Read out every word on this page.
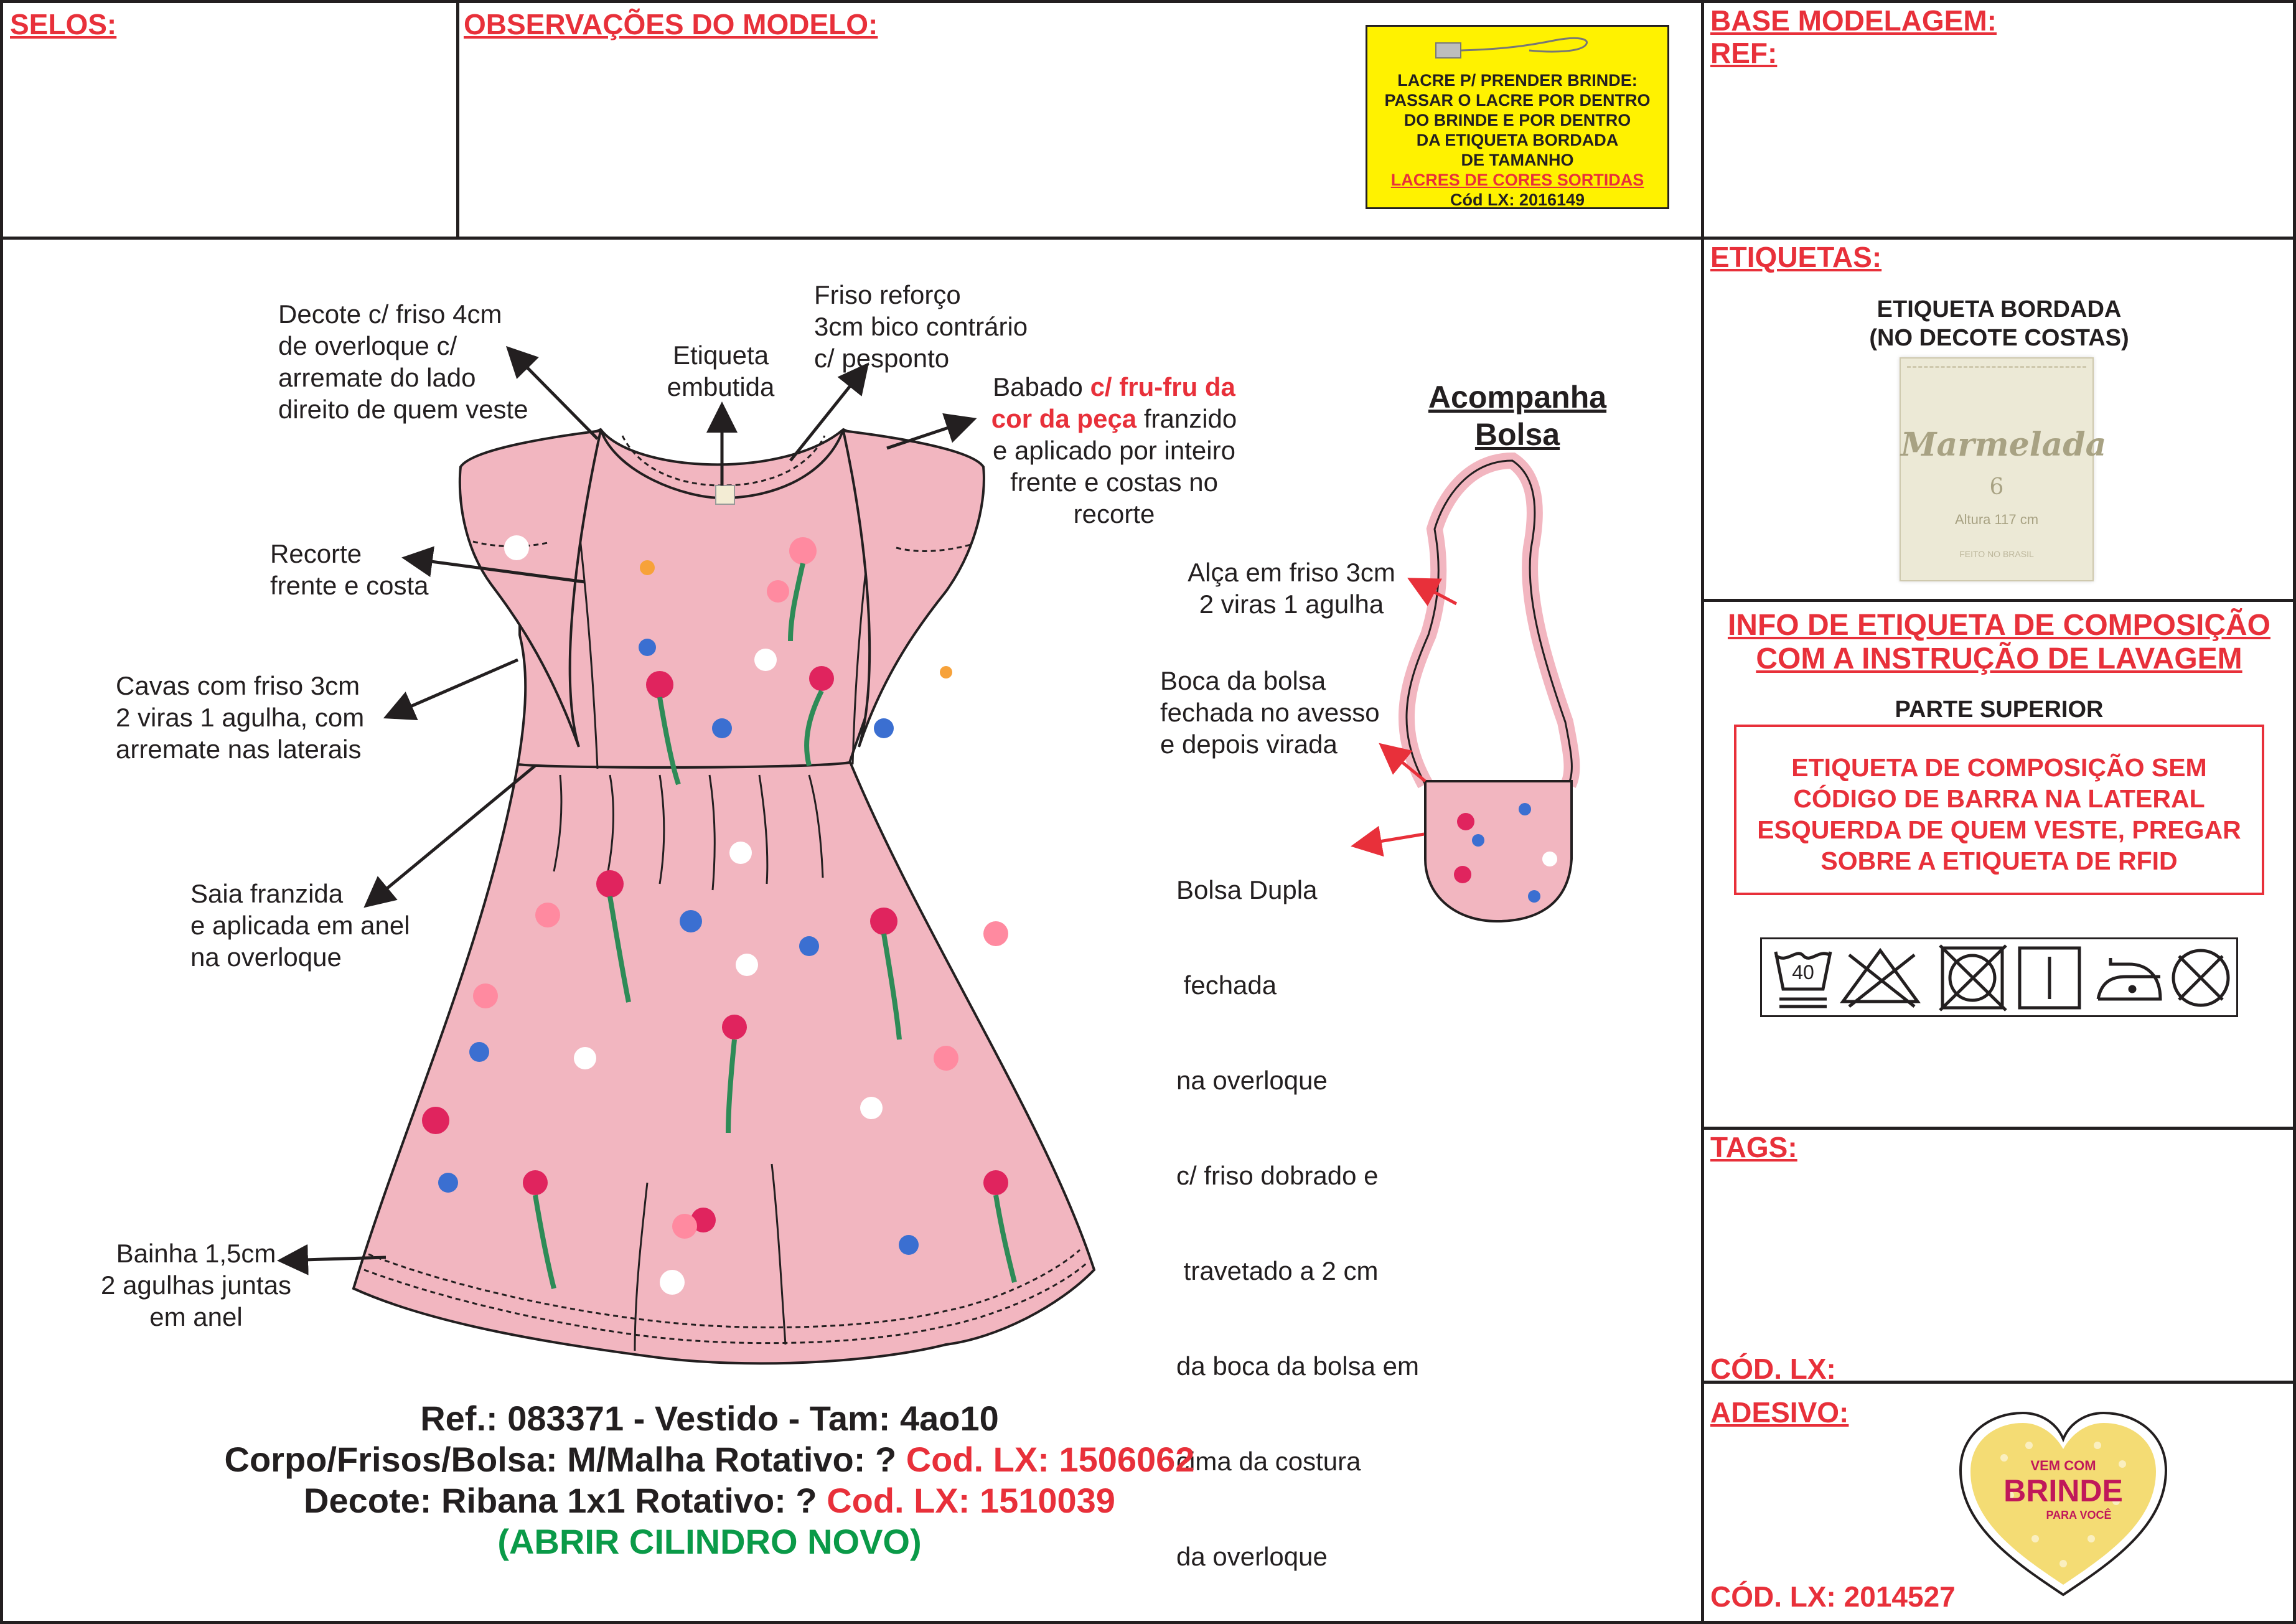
SELOS:	OBSERVAÇÕES DO MODELO:	BASE MODELAGEM:
REF:
LACRE P/ PRENDER BRINDE:
PASSAR O LACRE POR DENTRO
DO BRINDE E POR DENTRO
DA ETIQUETA BORDADA
DE TAMANHO
LACRES DE CORES SORTIDAS
Cód LX: 2016149
Decote c/ friso 4cm
de overloque c/
arremate do lado
direito de quem veste
Etiqueta
embutida
Friso reforço
3cm bico contrário
c/ pesponto
Babado c/ fru-fru da
cor da peça franzido
e aplicado por inteiro
frente e costas no
recorte
Recorte
frente e costa
Cavas com friso 3cm
2 viras 1 agulha, com
arremate nas laterais
Saia franzida
e aplicada em anel
na overloque
Bainha 1,5cm
2 agulhas juntas
em anel
Acompanha
Bolsa
Alça em friso 3cm
2 viras 1 agulha
Boca da bolsa
fechada no avesso
e depois virada

Bolsa Dupla

fechada

na overloque

c/ friso dobrado e

travetado a 2 cm

da boca da bolsa em

cima da costura

da overloque

Ref.: 083371 - Vestido - Tam: 4ao10
Corpo/Frisos/Bolsa: M/Malha Rotativo: ? Cod. LX: 1506062
Decote: Ribana 1x1 Rotativo: ? Cod. LX: 1510039
(ABRIR CILINDRO NOVO)
ETIQUETAS:
ETIQUETA BORDADA
(NO DECOTE COSTAS)
Marmelada
6
Altura 117 cm
FEITO NO BRASIL
INFO DE ETIQUETA DE COMPOSIÇÃO
COM A INSTRUÇÃO DE LAVAGEM
PARTE SUPERIOR
ETIQUETA DE COMPOSIÇÃO SEM
CÓDIGO DE BARRA NA LATERAL
ESQUERDA DE QUEM VESTE, PREGAR
SOBRE A ETIQUETA DE RFID
40
TAGS:
CÓD. LX:
ADESIVO:
CÓD. LX: 2014527
VEM COM
BRINDE
PARA VOCÊ
